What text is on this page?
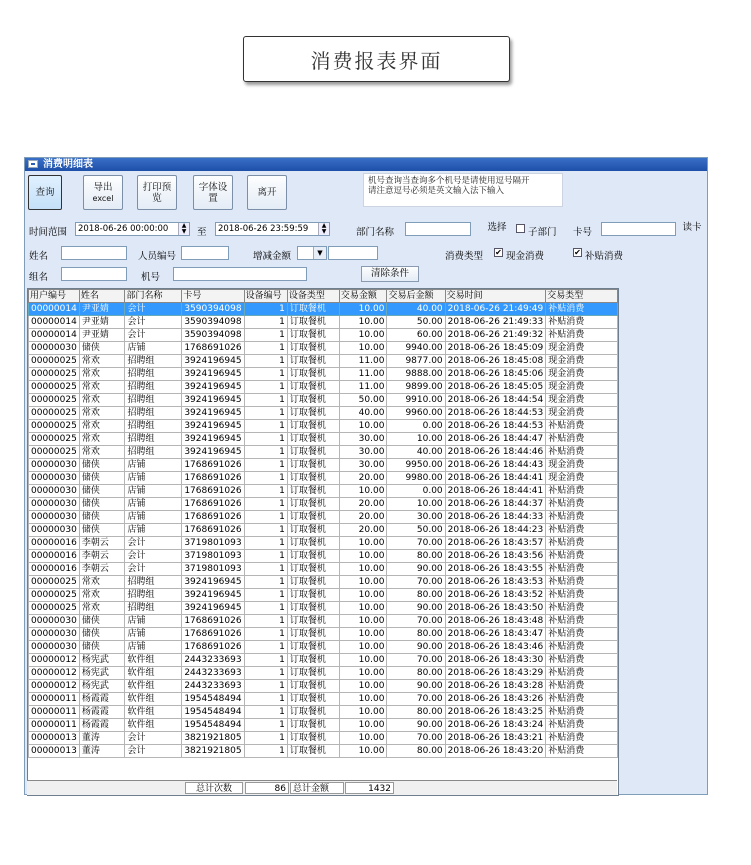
消费报表界面
消费明细表
查询	导出
excel
打印预
览
字体设
置	离开
机号查询当查询多个机号是请使用逗号隔开
请注意逗号必须是英文输入法下输入
时间范围	2018-06-26 00:00:00	▲
▼ 至	2018-06-26 23:59:59	▲
▼	部门名称	选择	子部门 卡号	读卡
姓名	人员编号	增减金额	▼	消费类型 ✔ 现金消费	✔ 补贴消费
组名	机号	清除条件
用户编号	姓名	部门名称	卡号	设备编号	设备类型	交易金额	交易后金额	交易时间	交易类型
00000014	尹亚婧	会计	3590394098	1	订取餐机	10.00	40.00	2018-06-26 21:49:49	补贴消费
00000014	尹亚婧	会计	3590394098	1	订取餐机	10.00	50.00	2018-06-26 21:49:33	补贴消费
00000014	尹亚婧	会计	3590394098	1	订取餐机	10.00	60.00	2018-06-26 21:49:32	补贴消费
00000030	储侠	店铺	1768691026	1	订取餐机	10.00	9940.00	2018-06-26 18:45:09	现金消费
00000025	常欢	招聘组	3924196945	1	订取餐机	11.00	9877.00	2018-06-26 18:45:08	现金消费
00000025	常欢	招聘组	3924196945	1	订取餐机	11.00	9888.00	2018-06-26 18:45:06	现金消费
00000025	常欢	招聘组	3924196945	1	订取餐机	11.00	9899.00	2018-06-26 18:45:05	现金消费
00000025	常欢	招聘组	3924196945	1	订取餐机	50.00	9910.00	2018-06-26 18:44:54	现金消费
00000025	常欢	招聘组	3924196945	1	订取餐机	40.00	9960.00	2018-06-26 18:44:53	现金消费
00000025	常欢	招聘组	3924196945	1	订取餐机	10.00	0.00	2018-06-26 18:44:53	补贴消费
00000025	常欢	招聘组	3924196945	1	订取餐机	30.00	10.00	2018-06-26 18:44:47	补贴消费
00000025	常欢	招聘组	3924196945	1	订取餐机	30.00	40.00	2018-06-26 18:44:46	补贴消费
00000030	储侠	店铺	1768691026	1	订取餐机	30.00	9950.00	2018-06-26 18:44:43	现金消费
00000030	储侠	店铺	1768691026	1	订取餐机	20.00	9980.00	2018-06-26 18:44:41	现金消费
00000030	储侠	店铺	1768691026	1	订取餐机	10.00	0.00	2018-06-26 18:44:41	补贴消费
00000030	储侠	店铺	1768691026	1	订取餐机	20.00	10.00	2018-06-26 18:44:37	补贴消费
00000030	储侠	店铺	1768691026	1	订取餐机	20.00	30.00	2018-06-26 18:44:33	补贴消费
00000030	储侠	店铺	1768691026	1	订取餐机	20.00	50.00	2018-06-26 18:44:23	补贴消费
00000016	李朝云	会计	3719801093	1	订取餐机	10.00	70.00	2018-06-26 18:43:57	补贴消费
00000016	李朝云	会计	3719801093	1	订取餐机	10.00	80.00	2018-06-26 18:43:56	补贴消费
00000016	李朝云	会计	3719801093	1	订取餐机	10.00	90.00	2018-06-26 18:43:55	补贴消费
00000025	常欢	招聘组	3924196945	1	订取餐机	10.00	70.00	2018-06-26 18:43:53	补贴消费
00000025	常欢	招聘组	3924196945	1	订取餐机	10.00	80.00	2018-06-26 18:43:52	补贴消费
00000025	常欢	招聘组	3924196945	1	订取餐机	10.00	90.00	2018-06-26 18:43:50	补贴消费
00000030	储侠	店铺	1768691026	1	订取餐机	10.00	70.00	2018-06-26 18:43:48	补贴消费
00000030	储侠	店铺	1768691026	1	订取餐机	10.00	80.00	2018-06-26 18:43:47	补贴消费
00000030	储侠	店铺	1768691026	1	订取餐机	10.00	90.00	2018-06-26 18:43:46	补贴消费
00000012	杨宪武	软件组	2443233693	1	订取餐机	10.00	70.00	2018-06-26 18:43:30	补贴消费
00000012	杨宪武	软件组	2443233693	1	订取餐机	10.00	80.00	2018-06-26 18:43:29	补贴消费
00000012	杨宪武	软件组	2443233693	1	订取餐机	10.00	90.00	2018-06-26 18:43:28	补贴消费
00000011	杨霞霞	软件组	1954548494	1	订取餐机	10.00	70.00	2018-06-26 18:43:26	补贴消费
00000011	杨霞霞	软件组	1954548494	1	订取餐机	10.00	80.00	2018-06-26 18:43:25	补贴消费
00000011	杨霞霞	软件组	1954548494	1	订取餐机	10.00	90.00	2018-06-26 18:43:24	补贴消费
00000013	董涛	会计	3821921805	1	订取餐机	10.00	70.00	2018-06-26 18:43:21	补贴消费
00000013	董涛	会计	3821921805	1	订取餐机	10.00	80.00	2018-06-26 18:43:20	补贴消费
总计次数	86 总计金额	1432
